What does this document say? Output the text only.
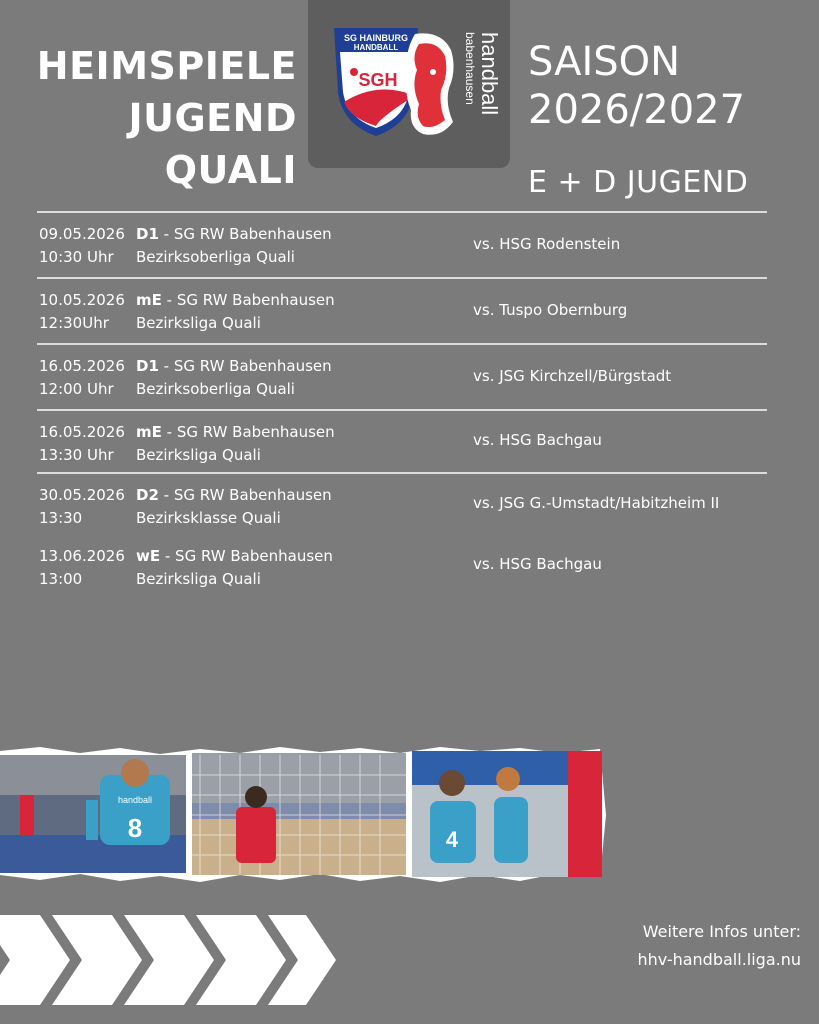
HEIMSPIELE
JUGEND
QUALI
SG HAINBURG
HANDBALL
SGH	handball
babenhausen SAISON
2026/2027
E + D JUGEND
09.05.2026
10:30 Uhr
D1 - SG RW Babenhausen
Bezirksoberliga Quali
vs. HSG Rodenstein
10.05.2026
12:30Uhr
mE - SG RW Babenhausen
Bezirksliga Quali
vs. Tuspo Obernburg
16.05.2026
12:00 Uhr
D1 - SG RW Babenhausen
Bezirksoberliga Quali
vs. JSG Kirchzell/Bürgstadt
16.05.2026
13:30 Uhr
mE - SG RW Babenhausen
Bezirksliga Quali
vs. HSG Bachgau
30.05.2026
13:30
D2 - SG RW Babenhausen
Bezirksklasse Quali
vs. JSG G.-Umstadt/Habitzheim II
13.06.2026
13:00
wE - SG RW Babenhausen
Bezirksliga Quali
vs. HSG Bachgau
handball
8	4
Weitere Infos unter:
hhv-handball.liga.nu
